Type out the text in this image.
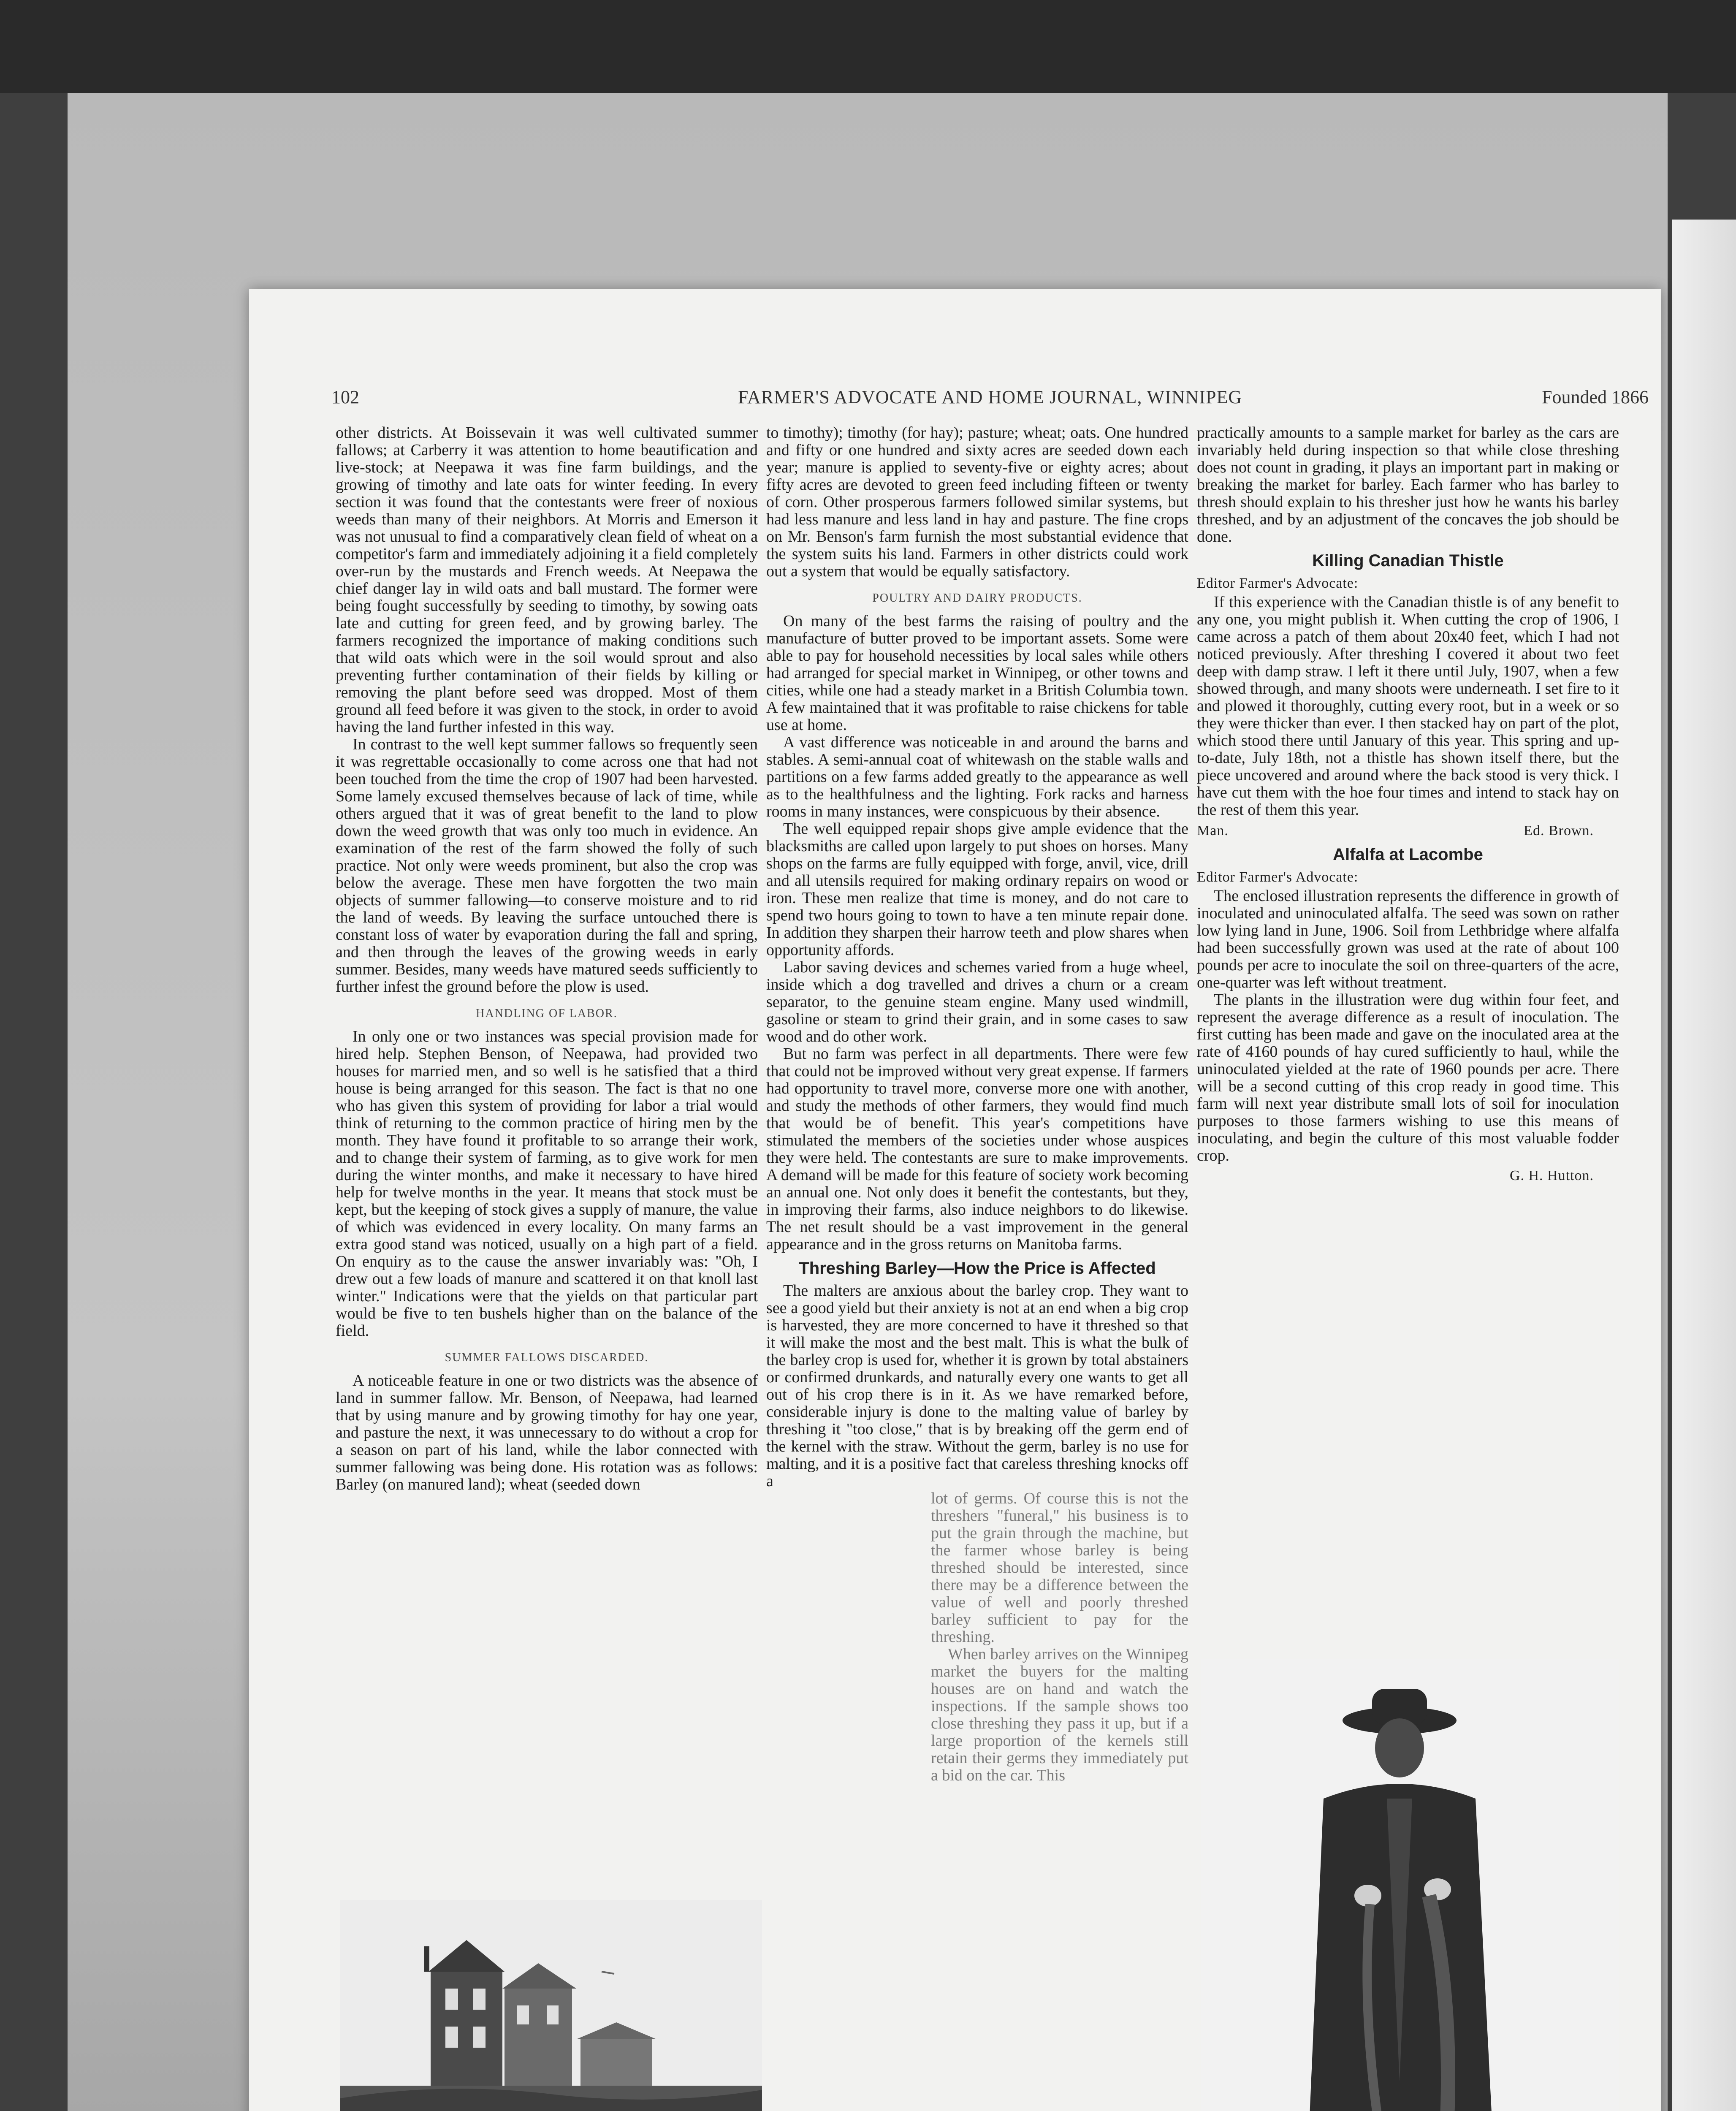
102	FARMER'S ADVOCATE AND HOME JOURNAL, WINNIPEG	Founded 1866

other districts. At Boissevain it was well cultivated summer fallows; at Carberry it was attention to home beautification and live-stock; at Neepawa it was fine farm buildings, and the growing of timothy and late oats for winter feeding. In every section it was found that the contestants were freer of noxious weeds than many of their neighbors. At Morris and Emerson it was not unusual to find a comparatively clean field of wheat on a competitor's farm and immediately adjoining it a field completely over-run by the mustards and French weeds. At Neepawa the chief danger lay in wild oats and ball mustard. The former were being fought successfully by seeding to timothy, by sowing oats late and cutting for green feed, and by growing barley. The farmers recognized the importance of making conditions such that wild oats which were in the soil would sprout and also preventing further contamination of their fields by killing or removing the plant before seed was dropped. Most of them ground all feed before it was given to the stock, in order to avoid having the land further infested in this way.

In contrast to the well kept summer fallows so frequently seen it was regrettable occasionally to come across one that had not been touched from the time the crop of 1907 had been harvested. Some lamely excused themselves because of lack of time, while others argued that it was of great benefit to the land to plow down the weed growth that was only too much in evidence. An examination of the rest of the farm showed the folly of such practice. Not only were weeds prominent, but also the crop was below the average. These men have forgotten the two main objects of summer fallowing—to conserve moisture and to rid the land of weeds. By leaving the surface untouched there is constant loss of water by evaporation during the fall and spring, and then through the leaves of the growing weeds in early summer. Besides, many weeds have matured seeds sufficiently to further infest the ground before the plow is used.

HANDLING OF LABOR.

In only one or two instances was special provision made for hired help. Stephen Benson, of Neepawa, had provided two houses for married men, and so well is he satisfied that a third house is being arranged for this season. The fact is that no one who has given this system of providing for labor a trial would think of returning to the common practice of hiring men by the month. They have found it profitable to so arrange their work, and to change their system of farming, as to give work for men during the winter months, and make it necessary to have hired help for twelve months in the year. It means that stock must be kept, but the keeping of stock gives a supply of manure, the value of which was evidenced in every locality. On many farms an extra good stand was noticed, usually on a high part of a field. On enquiry as to the cause the answer invariably was: "Oh, I drew out a few loads of manure and scattered it on that knoll last winter." Indications were that the yields on that particular part would be five to ten bushels higher than on the balance of the field.

SUMMER FALLOWS DISCARDED.

A noticeable feature in one or two districts was the absence of land in summer fallow. Mr. Benson, of Neepawa, had learned that by using manure and by growing timothy for hay one year, and pasture the next, it was unnecessary to do without a crop for a season on part of his land, while the labor connected with summer fallowing was being done. His rotation was as follows: Barley (on manured land); wheat (seeded down

to timothy); timothy (for hay); pasture; wheat; oats. One hundred and fifty or one hundred and sixty acres are seeded down each year; manure is applied to seventy-five or eighty acres; about fifty acres are devoted to green feed including fifteen or twenty of corn. Other prosperous farmers followed similar systems, but had less manure and less land in hay and pasture. The fine crops on Mr. Benson's farm furnish the most substantial evidence that the system suits his land. Farmers in other districts could work out a system that would be equally satisfactory.

POULTRY AND DAIRY PRODUCTS.

On many of the best farms the raising of poultry and the manufacture of butter proved to be important assets. Some were able to pay for household necessities by local sales while others had arranged for special market in Winnipeg, or other towns and cities, while one had a steady market in a British Columbia town. A few maintained that it was profitable to raise chickens for table use at home.

A vast difference was noticeable in and around the barns and stables. A semi-annual coat of whitewash on the stable walls and partitions on a few farms added greatly to the appearance as well as to the healthfulness and the lighting. Fork racks and harness rooms in many instances, were conspicuous by their absence.

The well equipped repair shops give ample evidence that the blacksmiths are called upon largely to put shoes on horses. Many shops on the farms are fully equipped with forge, anvil, vice, drill and all utensils required for making ordinary repairs on wood or iron. These men realize that time is money, and do not care to spend two hours going to town to have a ten minute repair done. In addition they sharpen their harrow teeth and plow shares when opportunity affords.

Labor saving devices and schemes varied from a huge wheel, inside which a dog travelled and drives a churn or a cream separator, to the genuine steam engine. Many used windmill, gasoline or steam to grind their grain, and in some cases to saw wood and do other work.

But no farm was perfect in all departments. There were few that could not be improved without very great expense. If farmers had opportunity to travel more, converse more one with another, and study the methods of other farmers, they would find much that would be of benefit. This year's competitions have stimulated the members of the societies under whose auspices they were held. The contestants are sure to make improvements. A demand will be made for this feature of society work becoming an annual one. Not only does it benefit the contestants, but they, in improving their farms, also induce neighbors to do likewise. The net result should be a vast improvement in the general appearance and in the gross returns on Manitoba farms.

Threshing Barley—How the Price is Affected

The malters are anxious about the barley crop. They want to see a good yield but their anxiety is not at an end when a big crop is harvested, they are more concerned to have it threshed so that it will make the most and the best malt. This is what the bulk of the barley crop is used for, whether it is grown by total abstainers or confirmed drunkards, and naturally every one wants to get all out of his crop there is in it. As we have remarked before, considerable injury is done to the malting value of barley by threshing it "too close," that is by breaking off the germ end of the kernel with the straw. Without the germ, barley is no use for malting, and it is a positive fact that careless threshing knocks off a

lot of germs. Of course this is not the threshers "funeral," his business is to put the grain through the machine, but the farmer whose barley is being threshed should be interested, since there may be a difference between the value of well and poorly threshed barley sufficient to pay for the threshing.

When barley arrives on the Winnipeg market the buyers for the malting houses are on hand and watch the inspections. If the sample shows too close threshing they pass it up, but if a large proportion of the kernels still retain their germs they immediately put a bid on the car. This

practically amounts to a sample market for barley as the cars are invariably held during inspection so that while close threshing does not count in grading, it plays an important part in making or breaking the market for barley. Each farmer who has barley to thresh should explain to his thresher just how he wants his barley threshed, and by an adjustment of the concaves the job should be done.

Killing Canadian Thistle
Editor Farmer's Advocate:

If this experience with the Canadian thistle is of any benefit to any one, you might publish it. When cutting the crop of 1906, I came across a patch of them about 20x40 feet, which I had not noticed previously. After threshing I covered it about two feet deep with damp straw. I left it there until July, 1907, when a few showed through, and many shoots were underneath. I set fire to it and plowed it thoroughly, cutting every root, but in a week or so they were thicker than ever. I then stacked hay on part of the plot, which stood there until January of this year. This spring and up-to-date, July 18th, not a thistle has shown itself there, but the piece uncovered and around where the back stood is very thick. I have cut them with the hoe four times and intend to stack hay on the rest of them this year.

Man.	Ed. Brown.
Alfalfa at Lacombe
Editor Farmer's Advocate:

The enclosed illustration represents the difference in growth of inoculated and uninoculated alfalfa. The seed was sown on rather low lying land in June, 1906. Soil from Lethbridge where alfalfa had been successfully grown was used at the rate of about 100 pounds per acre to inoculate the soil on three-quarters of the acre, one-quarter was left without treatment.

The plants in the illustration were dug within four feet, and represent the average difference as a result of inoculation. The first cutting has been made and gave on the inoculated area at the rate of 4160 pounds of hay cured sufficiently to haul, while the uninoculated yielded at the rate of 1960 pounds per acre. There will be a second cutting of this crop ready in good time. This farm will next year distribute small lots of soil for inoculation purposes to those farmers wishing to use this means of inoculating, and begin the culture of this most valuable fodder crop.

G. H. Hutton.
